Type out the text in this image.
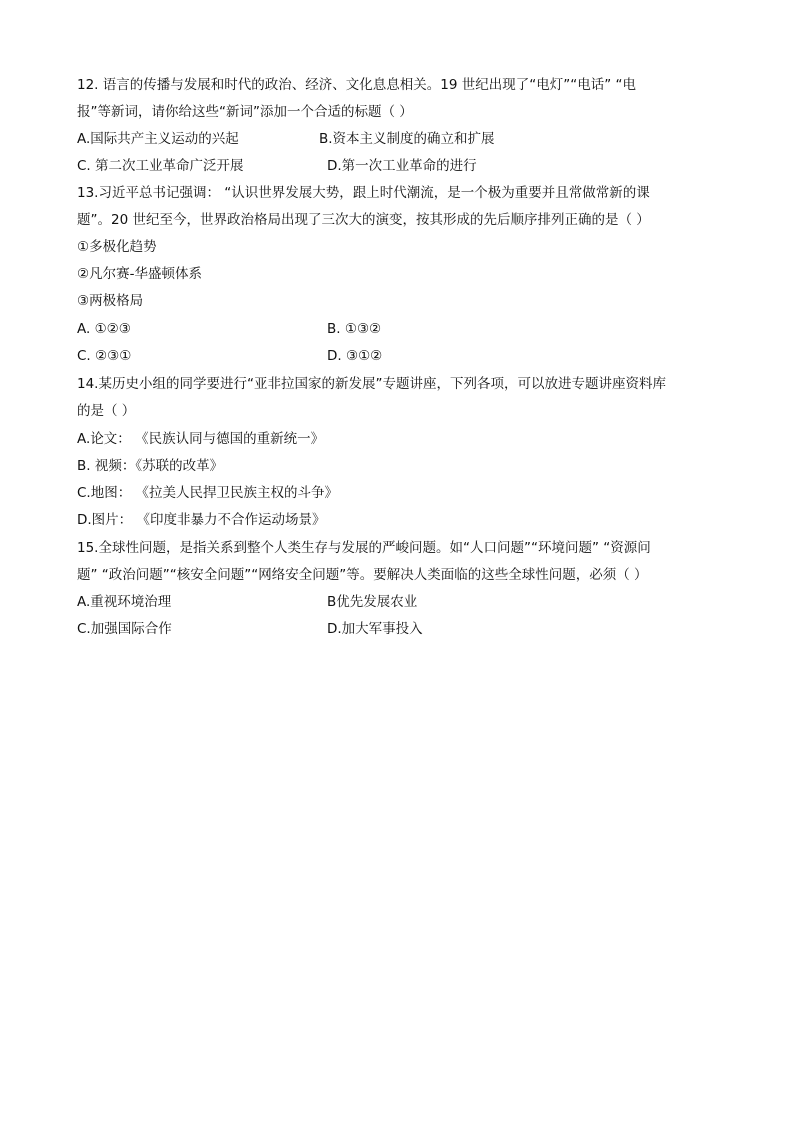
12. 语言的传播与发展和时代的政治、经济、文化息息相关。19 世纪出现了“电灯”“电话” “电
报”等新词，请你给这些“新词”添加一个合适的标题（ ）
A.国际共产主义运动的兴起	B.资本主义制度的确立和扩展
C. 第二次工业革命广泛开展	D.第一次工业革命的进行
13.习近平总书记强调： “认识世界发展大势，跟上时代潮流，是一个极为重要并且常做常新的课
题”。20 世纪至今，世界政治格局出现了三次大的演变，按其形成的先后顺序排列正确的是（ ）
①多极化趋势
②凡尔赛-华盛顿体系
③两极格局
A. ①②③	B. ①③②
C. ②③①	D. ③①②
14.某历史小组的同学要进行“亚非拉国家的新发展”专题讲座，下列各项，可以放进专题讲座资料库
的是（ ）
A.论文： 《民族认同与德国的重新统一》
B. 视频：《苏联的改革》
C.地图： 《拉美人民捍卫民族主权的斗争》
D.图片： 《印度非暴力不合作运动场景》
15.全球性问题，是指关系到整个人类生存与发展的严峻问题。如“人口问题”“环境问题” “资源问
题” “政治问题”“核安全问题”“网络安全问题”等。要解决人类面临的这些全球性问题，必须（ ）
A.重视环境治理	B优先发展农业
C.加强国际合作	D.加大军事投入
